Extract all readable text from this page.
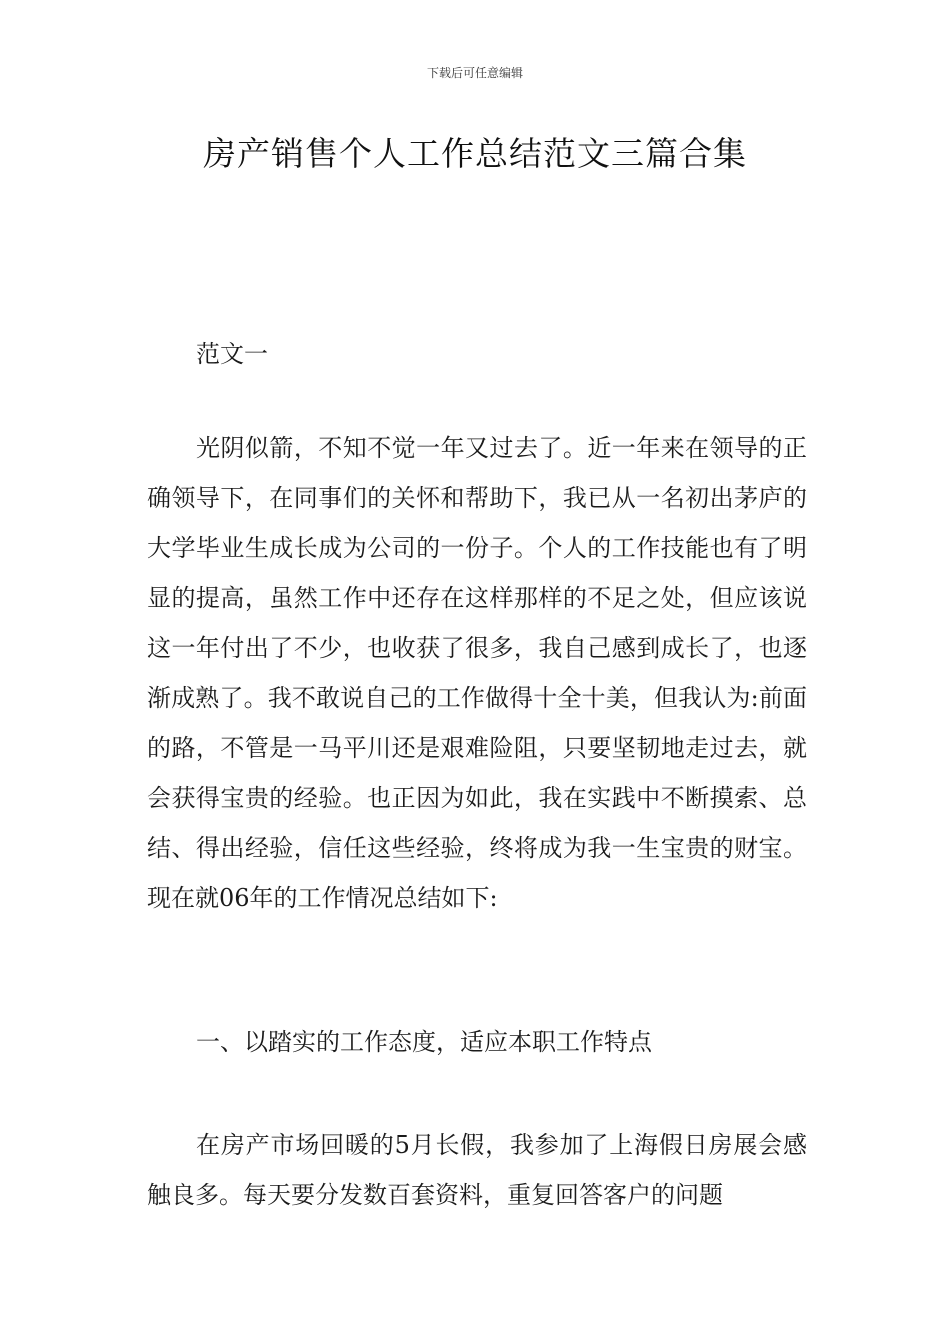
下载后可任意编辑
房产销售个人工作总结范文三篇合集

范文一

光阴似箭，不知不觉一年又过去了。近一年来在领导的正确领导下，在同事们的关怀和帮助下，我已从一名初出茅庐的大学毕业生成长成为公司的一份子。个人的工作技能也有了明显的提高，虽然工作中还存在这样那样的不足之处，但应该说这一年付出了不少，也收获了很多，我自己感到成长了，也逐渐成熟了。我不敢说自己的工作做得十全十美，但我认为:前面的路，不管是一马平川还是艰难险阻，只要坚韧地走过去，就会获得宝贵的经验。也正因为如此，我在实践中不断摸索、总结、得出经验，信任这些经验，终将成为我一生宝贵的财宝。现在就06年的工作情况总结如下:

一、以踏实的工作态度，适应本职工作特点

在房产市场回暖的5月长假，我参加了上海假日房展会感触良多。每天要分发数百套资料，重复回答客户的问题
